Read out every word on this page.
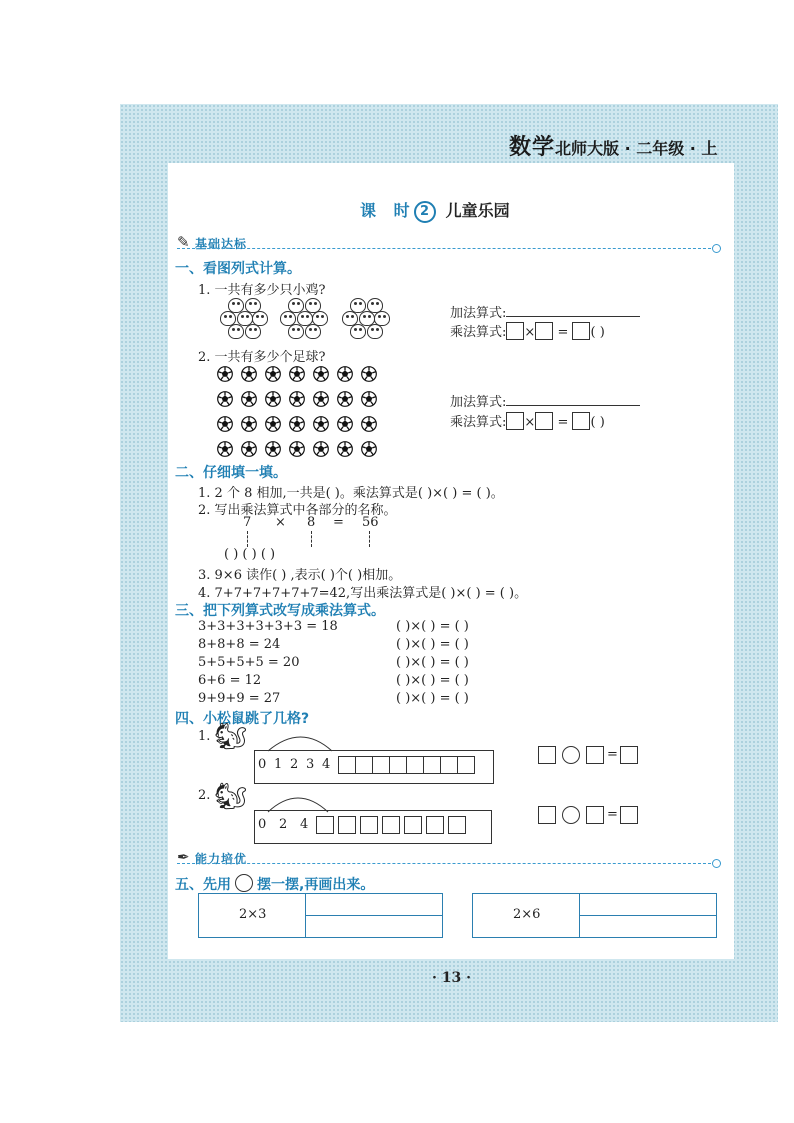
数学北师大版 · 二年级 · 上
课 时 2 儿童乐园
✎ 基础达标
一、看图列式计算。
1. 一共有多少只小鸡?
加法算式:
乘法算式: × = ( )
2. 一共有多少个足球?
加法算式:
乘法算式: × = ( )
二、仔细填一填。
1. 2 个 8 相加,一共是( )。乘法算式是( )×( ) = ( )。
2. 写出乘法算式中各部分的名称。
7 × 8 = 56
( ) ( ) ( )
3. 9×6 读作( ) ,表示( )个( )相加。
4. 7+7+7+7+7+7=42,写出乘法算式是( )×( ) = ( )。
三、把下列算式改写成乘法算式。
3+3+3+3+3+3 = 18	( )×( ) = ( )
8+8+8 = 24	( )×( ) = ( )
5+5+5+5 = 20	( )×( ) = ( )
6+6 = 12	( )×( ) = ( )
9+9+9 = 27	( )×( ) = ( )
四、小松鼠跳了几格?
1. 🐿
0 1 2 3 4
=
2. 🐿
0 2 4
=
✒ 能力培优
五、先用 摆一摆,再画出来。
2×3	2×6
· 13 ·
